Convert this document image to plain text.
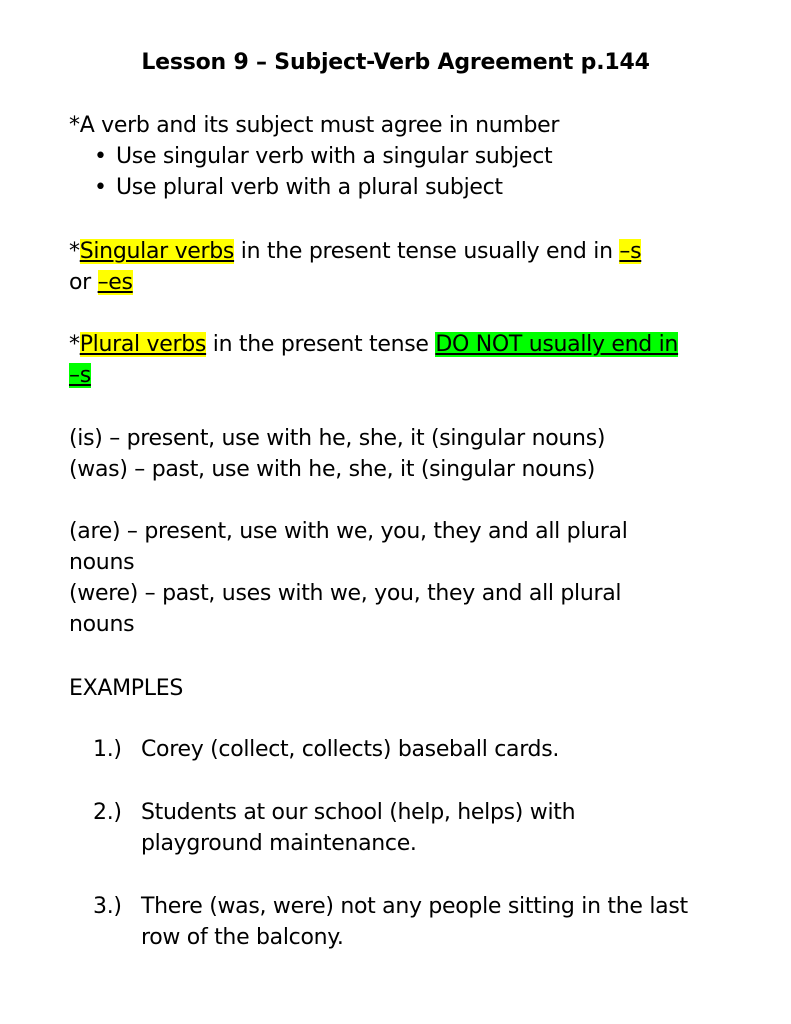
Lesson 9 – Subject-Verb Agreement p.144
*A verb and its subject must agree in number
• Use singular verb with a singular subject
• Use plural verb with a plural subject
*Singular verbs in the present tense usually end in –s
or –es
*Plural verbs in the present tense DO NOT usually end in
–s
(is) – present, use with he, she, it (singular nouns)
(was) – past, use with he, she, it (singular nouns)
(are) – present, use with we, you, they and all plural
nouns
(were) – past, uses with we, you, they and all plural
nouns
EXAMPLES
1.) Corey (collect, collects) baseball cards.
2.) Students at our school (help, helps) with
playground maintenance.
3.) There (was, were) not any people sitting in the last
row of the balcony.
